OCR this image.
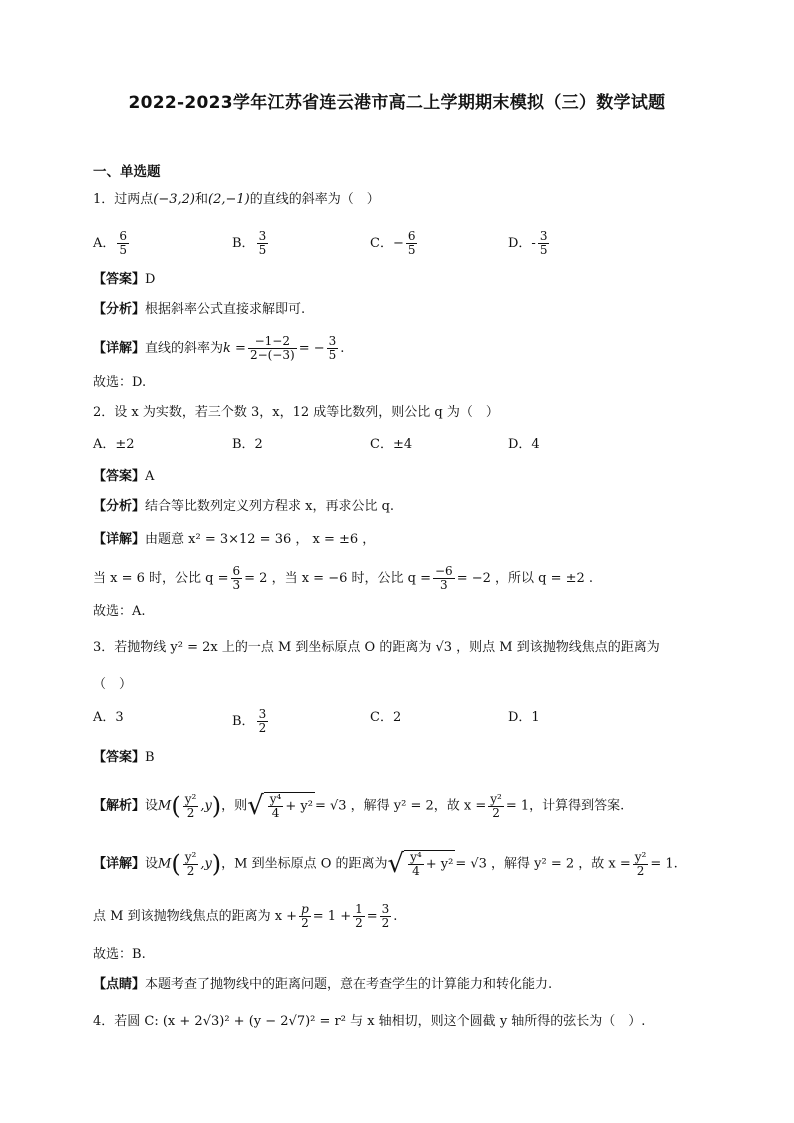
2022-2023学年江苏省连云港市高二上学期期末模拟（三）数学试题
一、单选题
1．过两点(−3,2)和(2,−1)的直线的斜率为（　）
A． $\frac{6}{5}$	B． $\frac{3}{5}$	C．− $\frac{6}{5}$	D．- $\frac{3}{5}$
【答案】D
【分析】根据斜率公式直接求解即可.
【详解】直线的斜率为$k = \frac{-1-2}{2-(-3)}$ = − $\frac{3}{5}$ .
故选：D.
2．设 x 为实数，若三个数 3，x，12 成等比数列，则公比 q 为（　）
A．±2	B．2	C．±4	D．4
【答案】A
【分析】结合等比数列定义列方程求 x，再求公比 q.
【详解】由题意 x² = 3×12 = 36 ， x = ±6 ，
当 x = 6 时，公比 $q = \frac{6}{3} = 2$ ，当 x = −6 时，公比 $q = \frac{-6}{3} = -2$ ，所以 q = ±2 .
故选：A.
3．若抛物线 y² = 2x 上的一点 M 到坐标原点 O 的距离为 √3 ，则点 M 到该抛物线焦点的距离为
（　）
A．3	B． $\frac{3}{2}$	C．2	D．1
【答案】B
【解析】设$M( \frac{\text{y²}}{2} ,y)$，则√ $\frac{\text{y⁴}}{4} + y^2 = √3$ ，解得 y² = 2，故 $x = \frac{\text{y²}}{2} = 1$，计算得到答案.
【详解】设$M( \frac{\text{y²}}{2} ,y)$，M 到坐标原点 O 的距离为√ $\frac{\text{y⁴}}{4} + y^2 = √3$ ，解得 y² = 2 ，故 $x = \frac{\text{y²}}{2} = 1$.
点 M 到该抛物线焦点的距离为 $x + \frac{p}{2} = 1 + \frac{1}{2} = \frac{3}{2}$ .
故选：B.
【点睛】本题考查了抛物线中的距离问题，意在考查学生的计算能力和转化能力.
4．若圆 C: (x + 2√3)² + (y − 2√7)² = r² 与 x 轴相切，则这个圆截 y 轴所得的弦长为（　）.
